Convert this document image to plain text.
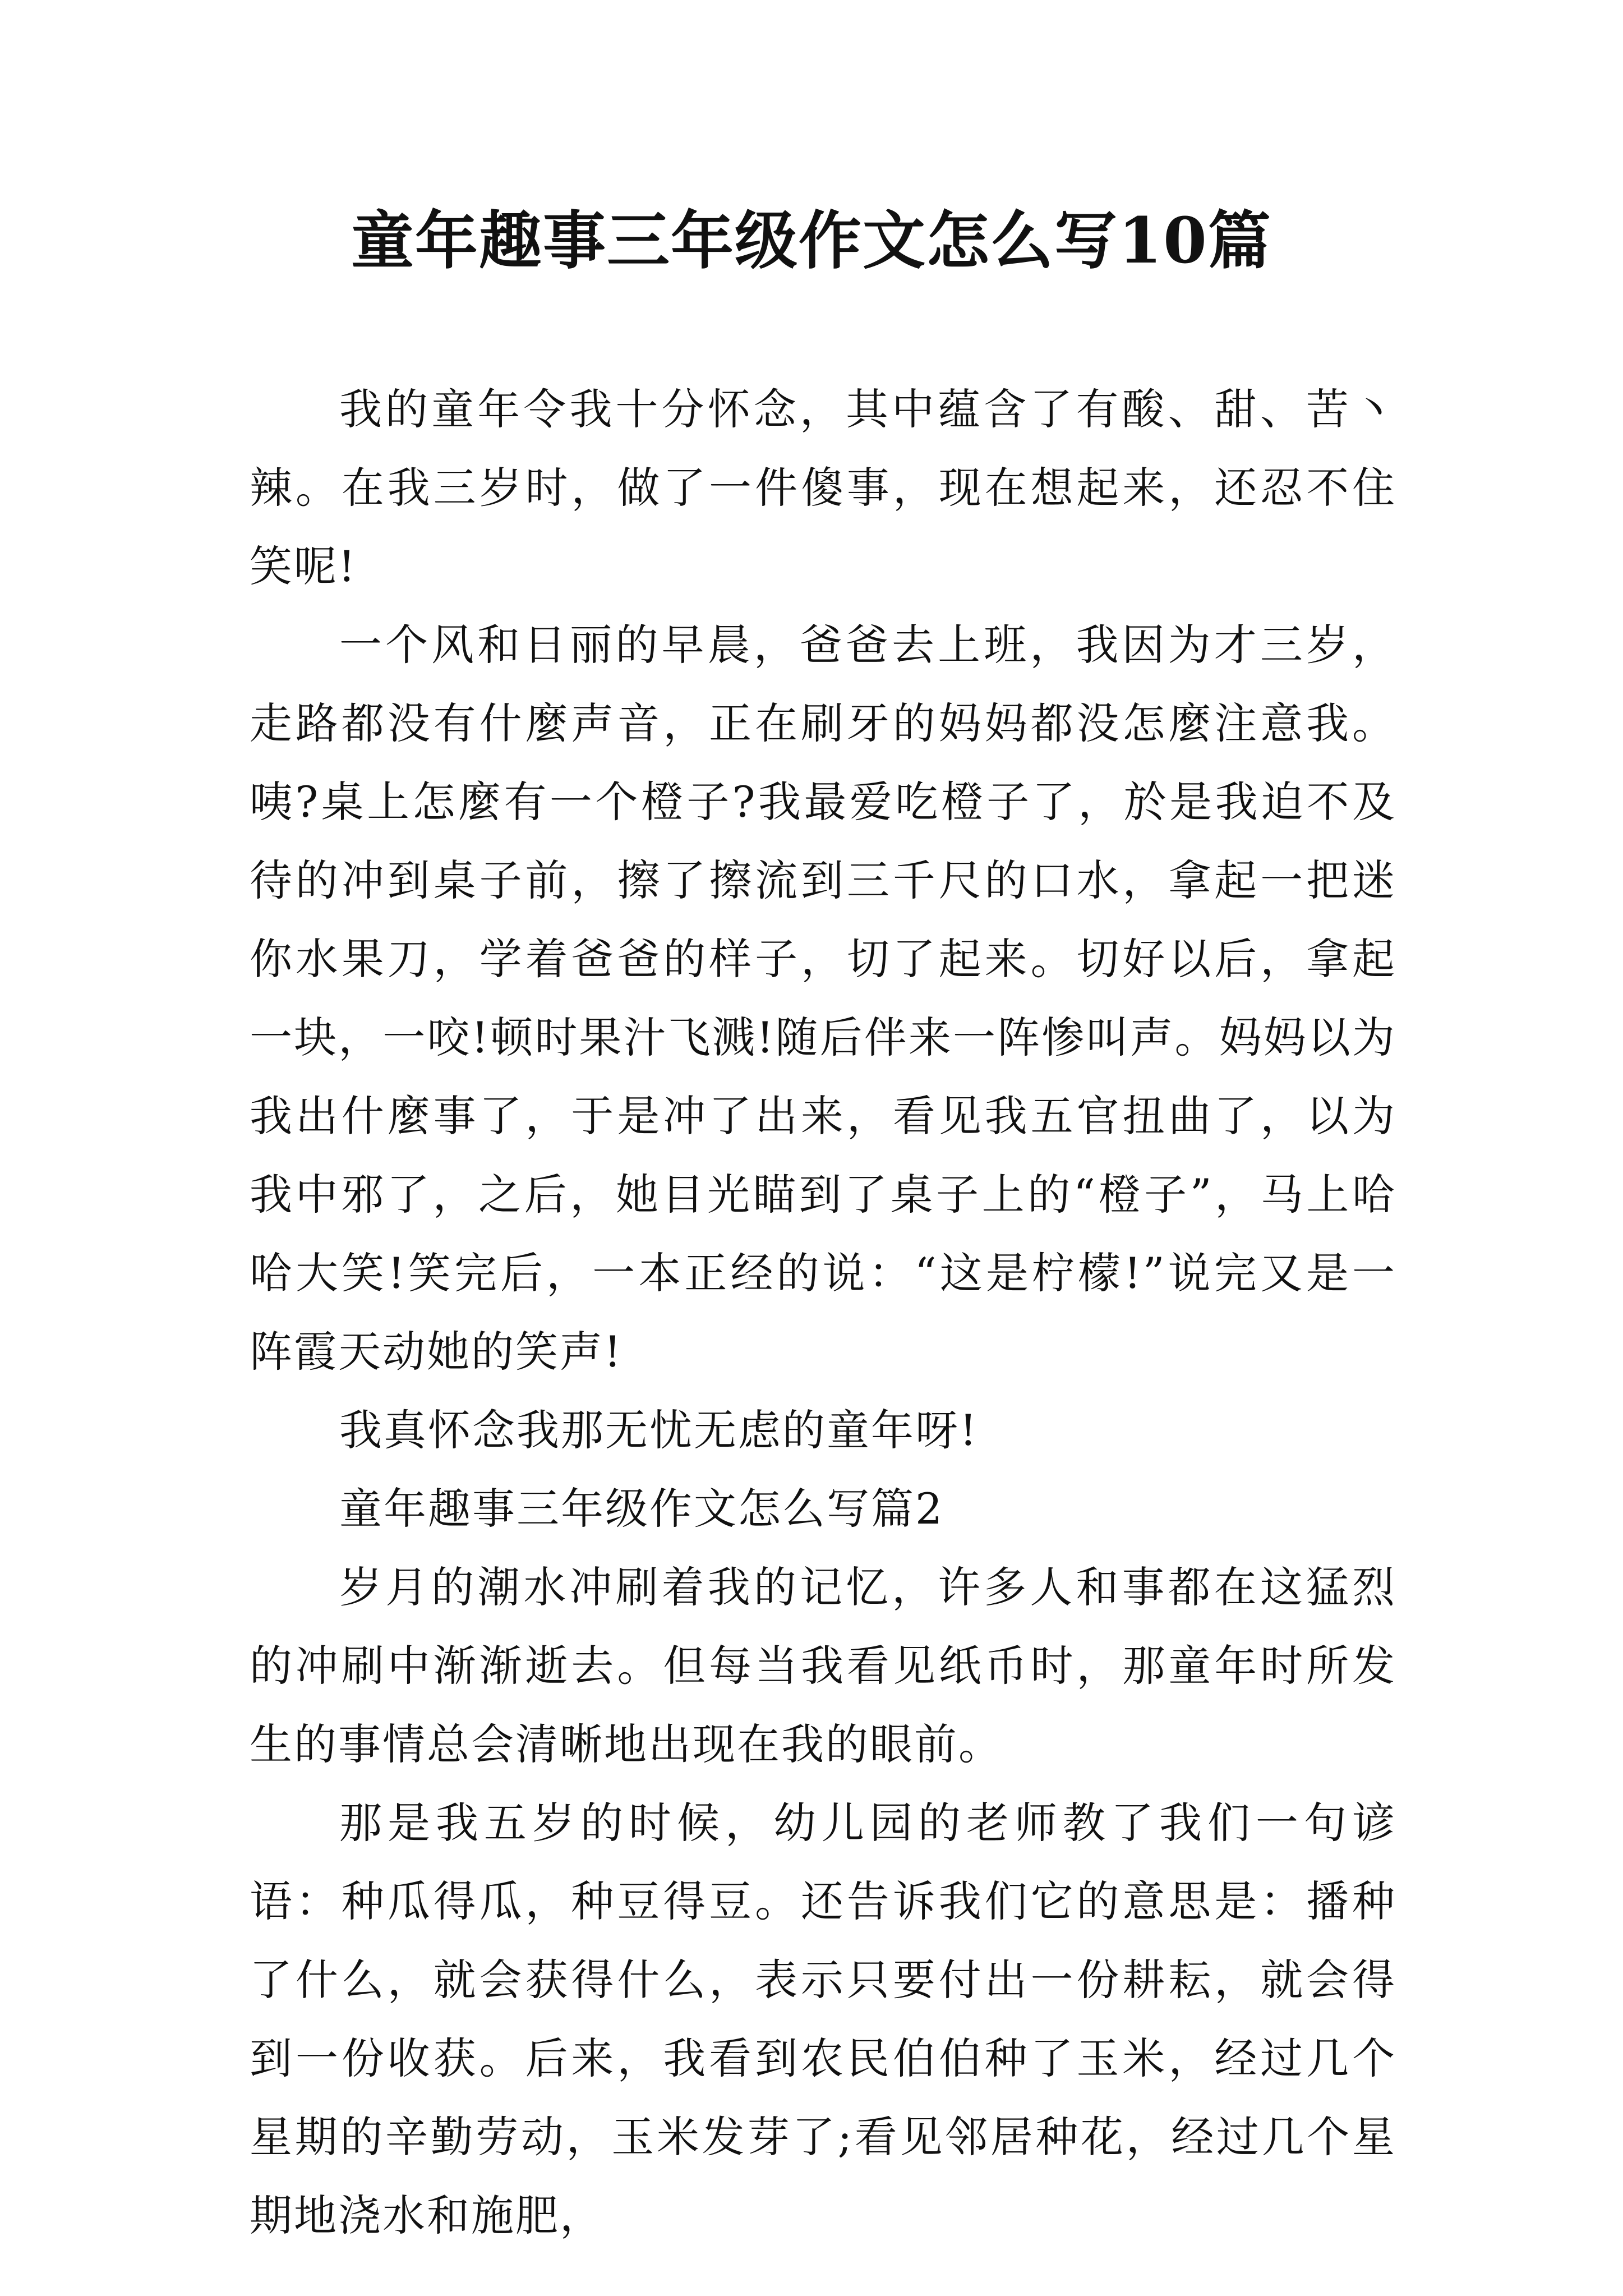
童年趣事三年级作文怎么写10篇

我的童年令我十分怀念，其中蕴含了有酸、甜、苦丶辣。在我三岁时，做了一件傻事，现在想起来，还忍不住笑呢!

一个风和日丽的早晨，爸爸去上班，我因为才三岁，走路都没有什麼声音，正在刷牙的妈妈都没怎麼注意我。咦?桌上怎麼有一个橙子?我最爱吃橙子了，於是我迫不及待的冲到桌子前，擦了擦流到三千尺的口水，拿起一把迷你水果刀，学着爸爸的样子，切了起来。切好以后，拿起一块，一咬!顿时果汁飞溅!随后伴来一阵惨叫声。妈妈以为我出什麼事了，于是冲了出来，看见我五官扭曲了，以为我中邪了，之后，她目光瞄到了桌子上的“橙子”，马上哈哈大笑!笑完后，一本正经的说：“这是柠檬!”说完又是一阵霞天动她的笑声!

我真怀念我那无忧无虑的童年呀!

童年趣事三年级作文怎么写篇2

岁月的潮水冲刷着我的记忆，许多人和事都在这猛烈的冲刷中渐渐逝去。但每当我看见纸币时，那童年时所发生的事情总会清晰地出现在我的眼前。

那是我五岁的时候，幼儿园的老师教了我们一句谚语：种瓜得瓜，种豆得豆。还告诉我们它的意思是：播种了什么，就会获得什么，表示只要付出一份耕耘，就会得到一份收获。后来，我看到农民伯伯种了玉米，经过几个星期的辛勤劳动，玉米发芽了;看见邻居种花，经过几个星期地浇水和施肥，
